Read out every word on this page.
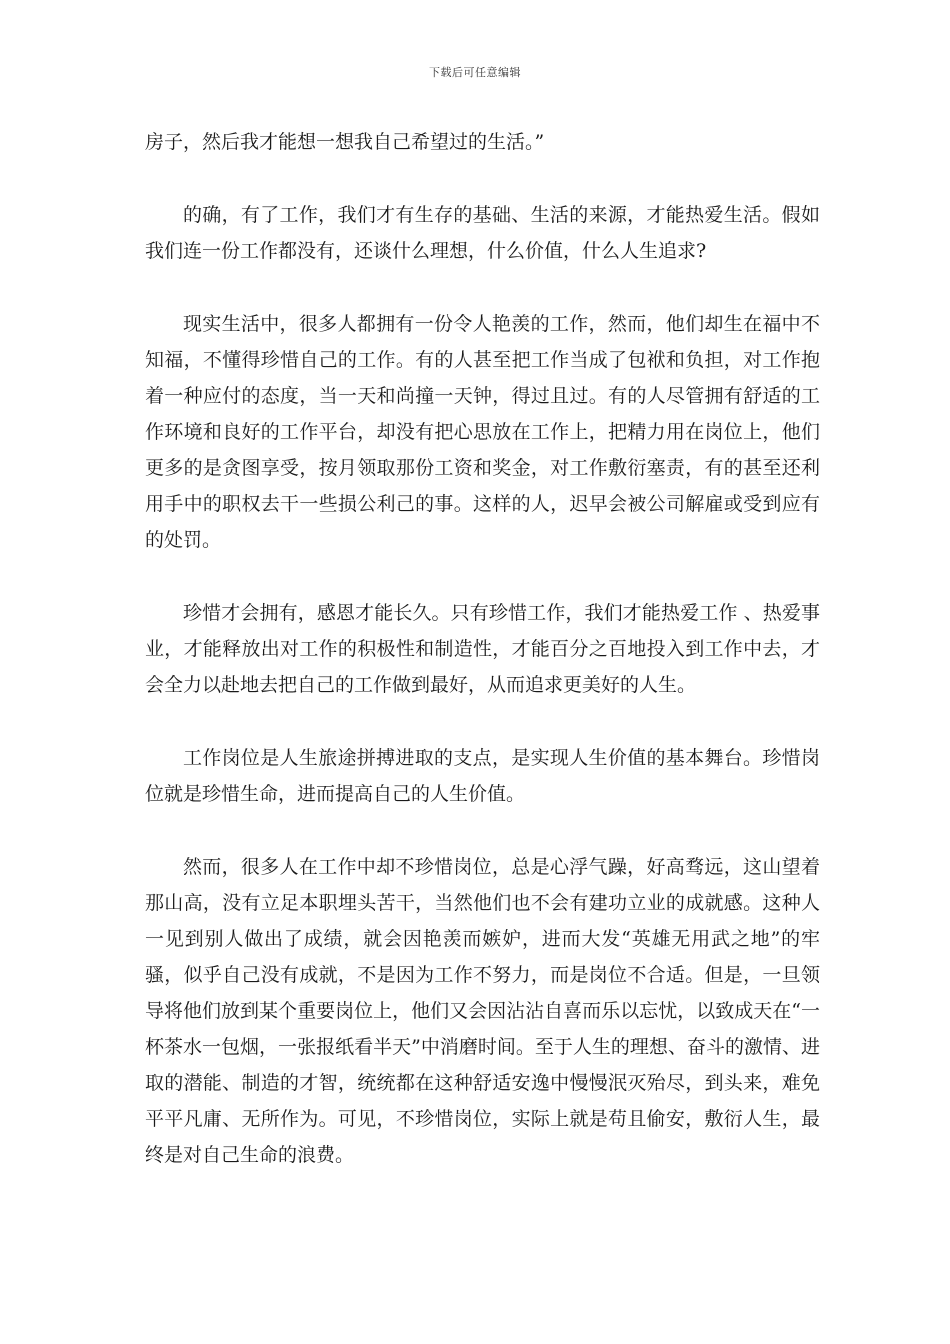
下载后可任意编辑

房子，然后我才能想一想我自己希望过的生活。”

的确，有了工作，我们才有生存的基础、生活的来源，才能热爱生活。假如我们连一份工作都没有，还谈什么理想，什么价值，什么人生追求?

现实生活中，很多人都拥有一份令人艳羡的工作，然而，他们却生在福中不知福，不懂得珍惜自己的工作。有的人甚至把工作当成了包袱和负担，对工作抱着一种应付的态度，当一天和尚撞一天钟，得过且过。有的人尽管拥有舒适的工作环境和良好的工作平台，却没有把心思放在工作上，把精力用在岗位上，他们更多的是贪图享受，按月领取那份工资和奖金，对工作敷衍塞责，有的甚至还利用手中的职权去干一些损公利己的事。这样的人，迟早会被公司解雇或受到应有的处罚。

珍惜才会拥有，感恩才能长久。只有珍惜工作，我们才能热爱工作 、热爱事业，才能释放出对工作的积极性和制造性，才能百分之百地投入到工作中去，才会全力以赴地去把自己的工作做到最好，从而追求更美好的人生。

工作岗位是人生旅途拼搏进取的支点，是实现人生价值的基本舞台。珍惜岗位就是珍惜生命，进而提高自己的人生价值。

然而，很多人在工作中却不珍惜岗位，总是心浮气躁，好高骛远，这山望着那山高，没有立足本职埋头苦干，当然他们也不会有建功立业的成就感。这种人一见到别人做出了成绩，就会因艳羡而嫉妒，进而大发“英雄无用武之地”的牢骚，似乎自己没有成就，不是因为工作不努力，而是岗位不合适。但是，一旦领导将他们放到某个重要岗位上，他们又会因沾沾自喜而乐以忘忧，以致成天在“一杯茶水一包烟，一张报纸看半天”中消磨时间。至于人生的理想、奋斗的激情、进取的潜能、制造的才智，统统都在这种舒适安逸中慢慢泯灭殆尽，到头来，难免平平凡庸、无所作为。可见，不珍惜岗位，实际上就是苟且偷安，敷衍人生，最终是对自己生命的浪费。
